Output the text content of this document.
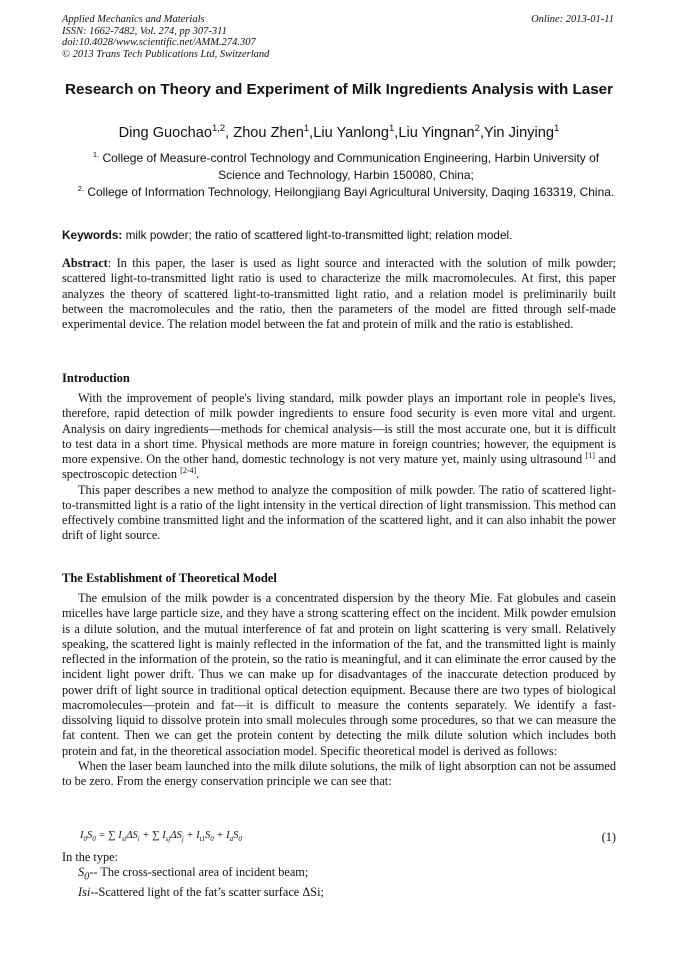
Applied Mechanics and Materials
ISSN: 1662-7482, Vol. 274, pp 307-311
doi:10.4028/www.scientific.net/AMM.274.307
© 2013 Trans Tech Publications Ltd, Switzerland
Online: 2013-01-11
Research on Theory and Experiment of Milk Ingredients Analysis with Laser
Ding Guochao$^{1,2}$, Zhou Zhen$^1$,Liu Yanlong$^1$,Liu Yingnan$^2$,Yin Jinying$^1$
$^{1.}$ College of Measure-control Technology and Communication Engineering, Harbin University of Science and Technology, Harbin 150080, China;
$^{2.}$ College of Information Technology, Heilongjiang Bayi Agricultural University, Daqing 163319, China.
Keywords: milk powder; the ratio of scattered light-to-transmitted light; relation model.
Abstract: In this paper, the laser is used as light source and interacted with the solution of milk powder; scattered light-to-transmitted light ratio is used to characterize the milk macromolecules. At first, this paper analyzes the theory of scattered light-to-transmitted light ratio, and a relation model is preliminarily built between the macromolecules and the ratio, then the parameters of the model are fitted through self-made experimental device. The relation model between the fat and protein of milk and the ratio is established.
Introduction

With the improvement of people's living standard, milk powder plays an important role in people's lives, therefore, rapid detection of milk powder ingredients to ensure food security is even more vital and urgent. Analysis on dairy ingredients—methods for chemical analysis—is still the most accurate one, but it is difficult to test data in a short time. Physical methods are more mature in foreign countries; however, the equipment is more expensive. On the other hand, domestic technology is not very mature yet, mainly using ultrasound [1] and spectroscopic detection [2-4].

This paper describes a new method to analyze the composition of milk powder. The ratio of scattered light-to-transmitted light is a ratio of the light intensity in the vertical direction of light transmission. This method can effectively combine transmitted light and the information of the scattered light, and it can also inhabit the power drift of light source.

The Establishment of Theoretical Model

The emulsion of the milk powder is a concentrated dispersion by the theory Mie. Fat globules and casein micelles have large particle size, and they have a strong scattering effect on the incident. Milk powder emulsion is a dilute solution, and the mutual interference of fat and protein on light scattering is very small. Relatively speaking, the scattered light is mainly reflected in the information of the fat, and the transmitted light is mainly reflected in the information of the protein, so the ratio is meaningful, and it can eliminate the error caused by the incident light power drift. Thus we can make up for disadvantages of the inaccurate detection produced by power drift of light source in traditional optical detection equipment. Because there are two types of biological macromolecules—protein and fat—it is difficult to measure the contents separately. We identify a fast-dissolving liquid to dissolve protein into small molecules through some procedures, so that we can measure the fat content. Then we can get the protein content by detecting the milk dilute solution which includes both protein and fat, in the theoretical association model. Specific theoretical model is derived as follows:

When the laser beam launched into the milk dilute solutions, the milk of light absorption can not be assumed to be zero. From the energy conservation principle we can see that:

$I_0S_0$ = ∑ $I_{si}\Delta S_i$ + ∑ $I_{sj}\Delta S_j + I_{t1}S_0 + I_aS_0$	(1)

In the type:

$S_0--$ The cross-sectional area of incident beam;

Isi--Scattered light of the fat’s scatter surface ΔSi;
